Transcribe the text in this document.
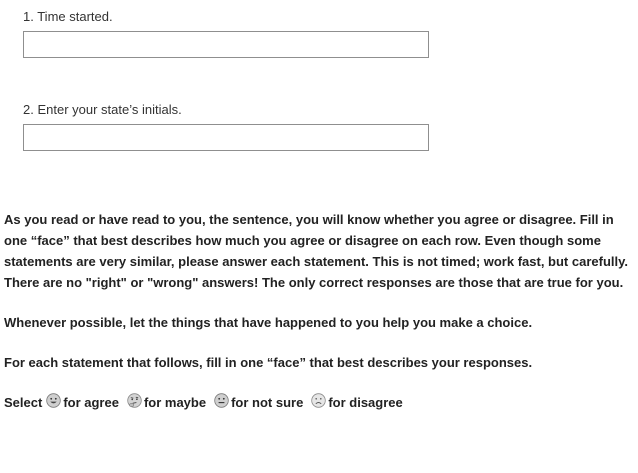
1. Time started.
2. Enter your state’s initials.

As you read or have read to you, the sentence, you will know whether you agree or disagree. Fill in one “face” that best describes how much you agree or disagree on each row. Even though some statements are very similar, please answer each statement. This is not timed; work fast, but carefully.

There are no "right" or "wrong" answers! The only correct responses are those that are true for you.

Whenever possible, let the things that have happened to you help you make a choice.

For each statement that follows, fill in one “face” that best describes your responses.

Select for agree for maybe for not sure for disagree
